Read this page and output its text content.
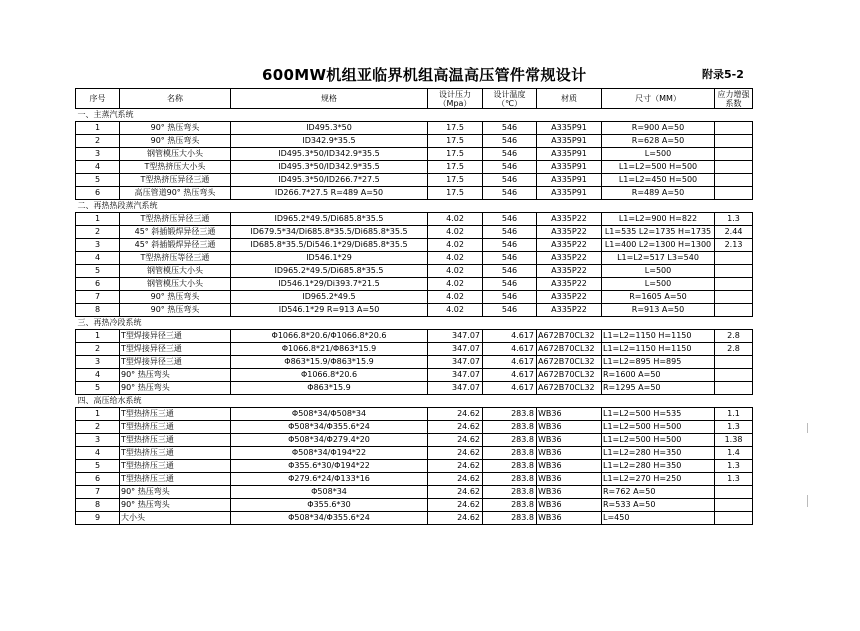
600MW机组亚临界机组高温高压管件常规设计	附录5-2
序号	名称	规格	设计压力（Mpa）	设计温度（℃）	材质	尺寸（MM）	应力增强系数
一、主蒸汽系统							
1	90° 热压弯头	ID495.3*50	17.5	546	A335P91	R=900 A=50	
2	90° 热压弯头	ID342.9*35.5	17.5	546	A335P91	R=628 A=50	
3	钢管模压大小头	ID495.3*50/ID342.9*35.5	17.5	546	A335P91	L=500	
4	T型热挤压大小头	ID495.3*50/ID342.9*35.5	17.5	546	A335P91	L1=L2=500 H=500	
5	T型热挤压异径三通	ID495.3*50/ID266.7*27.5	17.5	546	A335P91	L1=L2=450 H=500	
6	高压管道90° 热压弯头	ID266.7*27.5 R=489 A=50	17.5	546	A335P91	R=489 A=50	
二、再热热段蒸汽系统							
1	T型热挤压异径三通	ID965.2*49.5/Di685.8*35.5	4.02	546	A335P22	L1=L2=900 H=822	1.3
2	45° 斜插锻焊异径三通	ID679.5*34/Di685.8*35.5/Di685.8*35.5	4.02	546	A335P22	L1=535 L2=1735 H=1735	2.44
3	45° 斜插锻焊异径三通	ID685.8*35.5/Di546.1*29/Di685.8*35.5	4.02	546	A335P22	L1=400 L2=1300 H=1300	2.13
4	T型热挤压等径三通	ID546.1*29	4.02	546	A335P22	L1=L2=517 L3=540	
5	钢管模压大小头	ID965.2*49.5/Di685.8*35.5	4.02	546	A335P22	L=500	
6	钢管模压大小头	ID546.1*29/Di393.7*21.5	4.02	546	A335P22	L=500	
7	90° 热压弯头	ID965.2*49.5	4.02	546	A335P22	R=1605 A=50	
8	90° 热压弯头	ID546.1*29 R=913 A=50	4.02	546	A335P22	R=913 A=50	
三、再热冷段系统							
1	T型焊接异径三通	Φ1066.8*20.6/Φ1066.8*20.6	347.07	4.617	A672B70CL32	L1=L2=1150 H=1150	2.8
2	T型焊接异径三通	Φ1066.8*21/Φ863*15.9	347.07	4.617	A672B70CL32	L1=L2=1150 H=1150	2.8
3	T型焊接异径三通	Φ863*15.9/Φ863*15.9	347.07	4.617	A672B70CL32	L1=L2=895 H=895	
4	90° 热压弯头	Φ1066.8*20.6	347.07	4.617	A672B70CL32	R=1600 A=50	
5	90° 热压弯头	Φ863*15.9	347.07	4.617	A672B70CL32	R=1295 A=50	
四、高压给水系统							
1	T型热挤压三通	Φ508*34/Φ508*34	24.62	283.8	WB36	L1=L2=500 H=535	1.1
2	T型热挤压三通	Φ508*34/Φ355.6*24	24.62	283.8	WB36	L1=L2=500 H=500	1.3
3	T型热挤压三通	Φ508*34/Φ279.4*20	24.62	283.8	WB36	L1=L2=500 H=500	1.38
4	T型热挤压三通	Φ508*34/Φ194*22	24.62	283.8	WB36	L1=L2=280 H=350	1.4
5	T型热挤压三通	Φ355.6*30/Φ194*22	24.62	283.8	WB36	L1=L2=280 H=350	1.3
6	T型热挤压三通	Φ279.6*24/Φ133*16	24.62	283.8	WB36	L1=L2=270 H=250	1.3
7	90° 热压弯头	Φ508*34	24.62	283.8	WB36	R=762 A=50	
8	90° 热压弯头	Φ355.6*30	24.62	283.8	WB36	R=533 A=50	
9	大小头	Φ508*34/Φ355.6*24	24.62	283.8	WB36	L=450	
